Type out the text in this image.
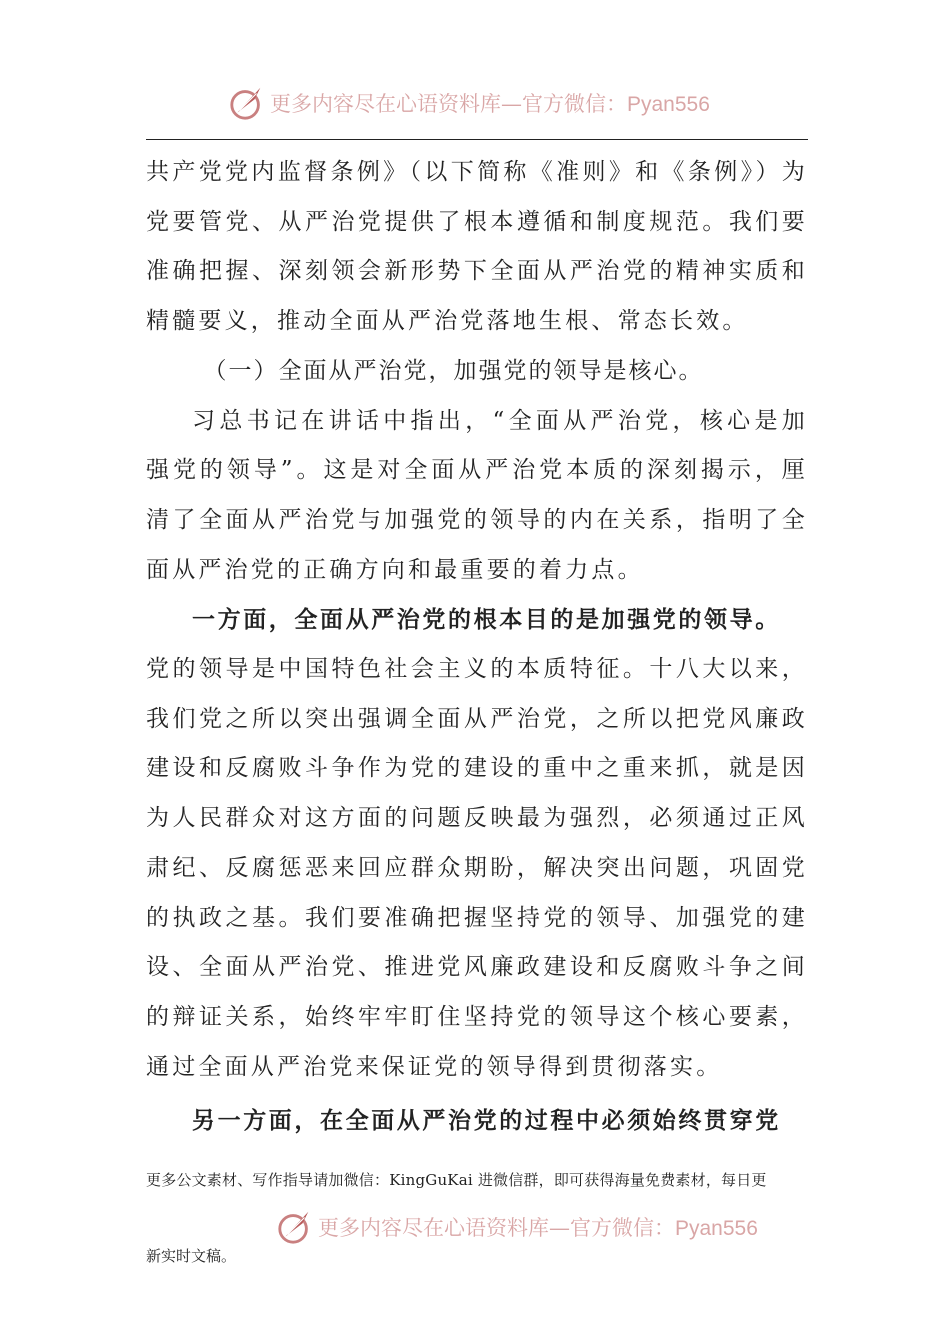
更多内容尽在心语资料库—官方微信：Pyan556

共产党党内监督条例》（以下简称《准则》和《条例》）为党要管党、从严治党提供了根本遵循和制度规范。我们要准确把握、深刻领会新形势下全面从严治党的精神实质和精髓要义，推动全面从严治党落地生根、常态长效。

（一）全面从严治党，加强党的领导是核心。

习总书记在讲话中指出，“全面从严治党，核心是加强党的领导”。这是对全面从严治党本质的深刻揭示，厘清了全面从严治党与加强党的领导的内在关系，指明了全面从严治党的正确方向和最重要的着力点。

一方面，全面从严治党的根本目的是加强党的领导。

党的领导是中国特色社会主义的本质特征。十八大以来，我们党之所以突出强调全面从严治党，之所以把党风廉政建设和反腐败斗争作为党的建设的重中之重来抓，就是因为人民群众对这方面的问题反映最为强烈，必须通过正风肃纪、反腐惩恶来回应群众期盼，解决突出问题，巩固党的执政之基。我们要准确把握坚持党的领导、加强党的建设、全面从严治党、推进党风廉政建设和反腐败斗争之间的辩证关系，始终牢牢盯住坚持党的领导这个核心要素，通过全面从严治党来保证党的领导得到贯彻落实。

另一方面，在全面从严治党的过程中必须始终贯穿党

更多公文素材、写作指导请加微信：KingGuKai 进微信群，即可获得海量免费素材，每日更
更多内容尽在心语资料库—官方微信：Pyan556
新实时文稿。
